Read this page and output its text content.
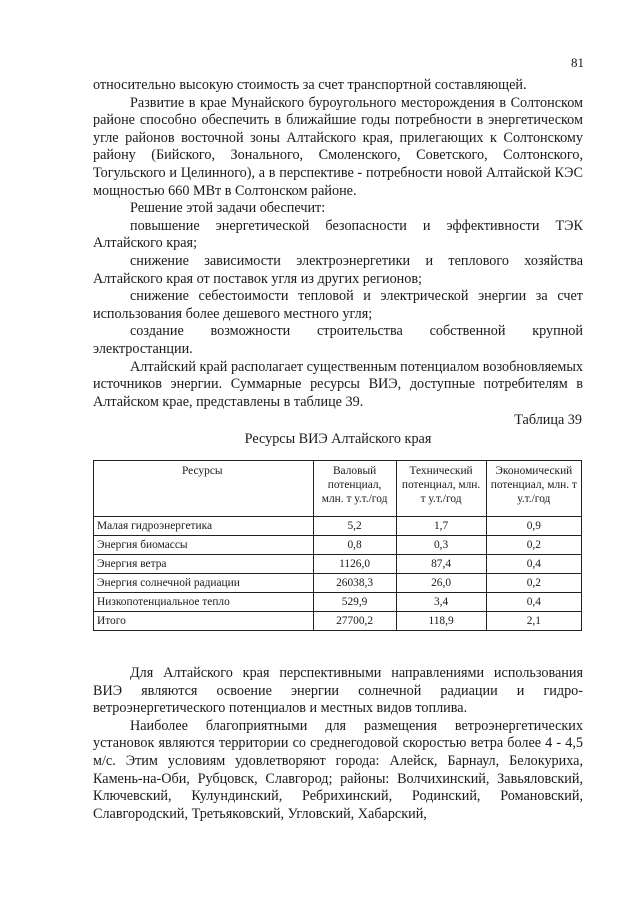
81

относительно высокую стоимость за счет транспортной составляющей.

Развитие в крае Мунайского буроугольного месторождения в Солтонском районе способно обеспечить в ближайшие годы потребности в энергетическом угле районов восточной зоны Алтайского края, прилегающих к Солтонскому району (Бийского, Зонального, Смоленского, Советского, Солтонского, Тогульского и Целинного), а в перспективе - потребности новой Алтайской КЭС мощностью 660 МВт в Солтонском районе.

Решение этой задачи обеспечит:

повышение энергетической безопасности и эффективности ТЭК Алтайского края;

снижение зависимости электроэнергетики и теплового хозяйства Алтайского края от поставок угля из других регионов;

снижение себестоимости тепловой и электрической энергии за счет использования более дешевого местного угля;

создание возможности строительства собственной крупной электростанции.

Алтайский край располагает существенным потенциалом возобновляемых источников энергии. Суммарные ресурсы ВИЭ, доступные потребителям в Алтайском крае, представлены в таблице 39.

Таблица 39
Ресурсы ВИЭ Алтайского края
Ресурсы	Валовый потенциал, млн. т у.т./год	Технический потенциал, млн. т у.т./год	Экономический потенциал, млн. т у.т./год
Малая гидроэнергетика	5,2	1,7	0,9
Энергия биомассы	0,8	0,3	0,2
Энергия ветра	1126,0	87,4	0,4
Энергия солнечной радиации	26038,3	26,0	0,2
Низкопотенциальное тепло	529,9	3,4	0,4
Итого	27700,2	118,9	2,1

Для Алтайского края перспективными направлениями использования ВИЭ являются освоение энергии солнечной радиации и гидро-ветроэнергетического потенциалов и местных видов топлива.

Наиболее благоприятными для размещения ветроэнергетических установок являются территории со среднегодовой скоростью ветра более 4 - 4,5 м/с. Этим условиям удовлетворяют города: Алейск, Барнаул, Белокуриха, Камень-на-Оби, Рубцовск, Славгород; районы: Волчихинский, Завьяловский, Ключевский, Кулундинский, Ребрихинский, Родинский, Романовский, Славгородский, Третьяковский, Угловский, Хабарский,
